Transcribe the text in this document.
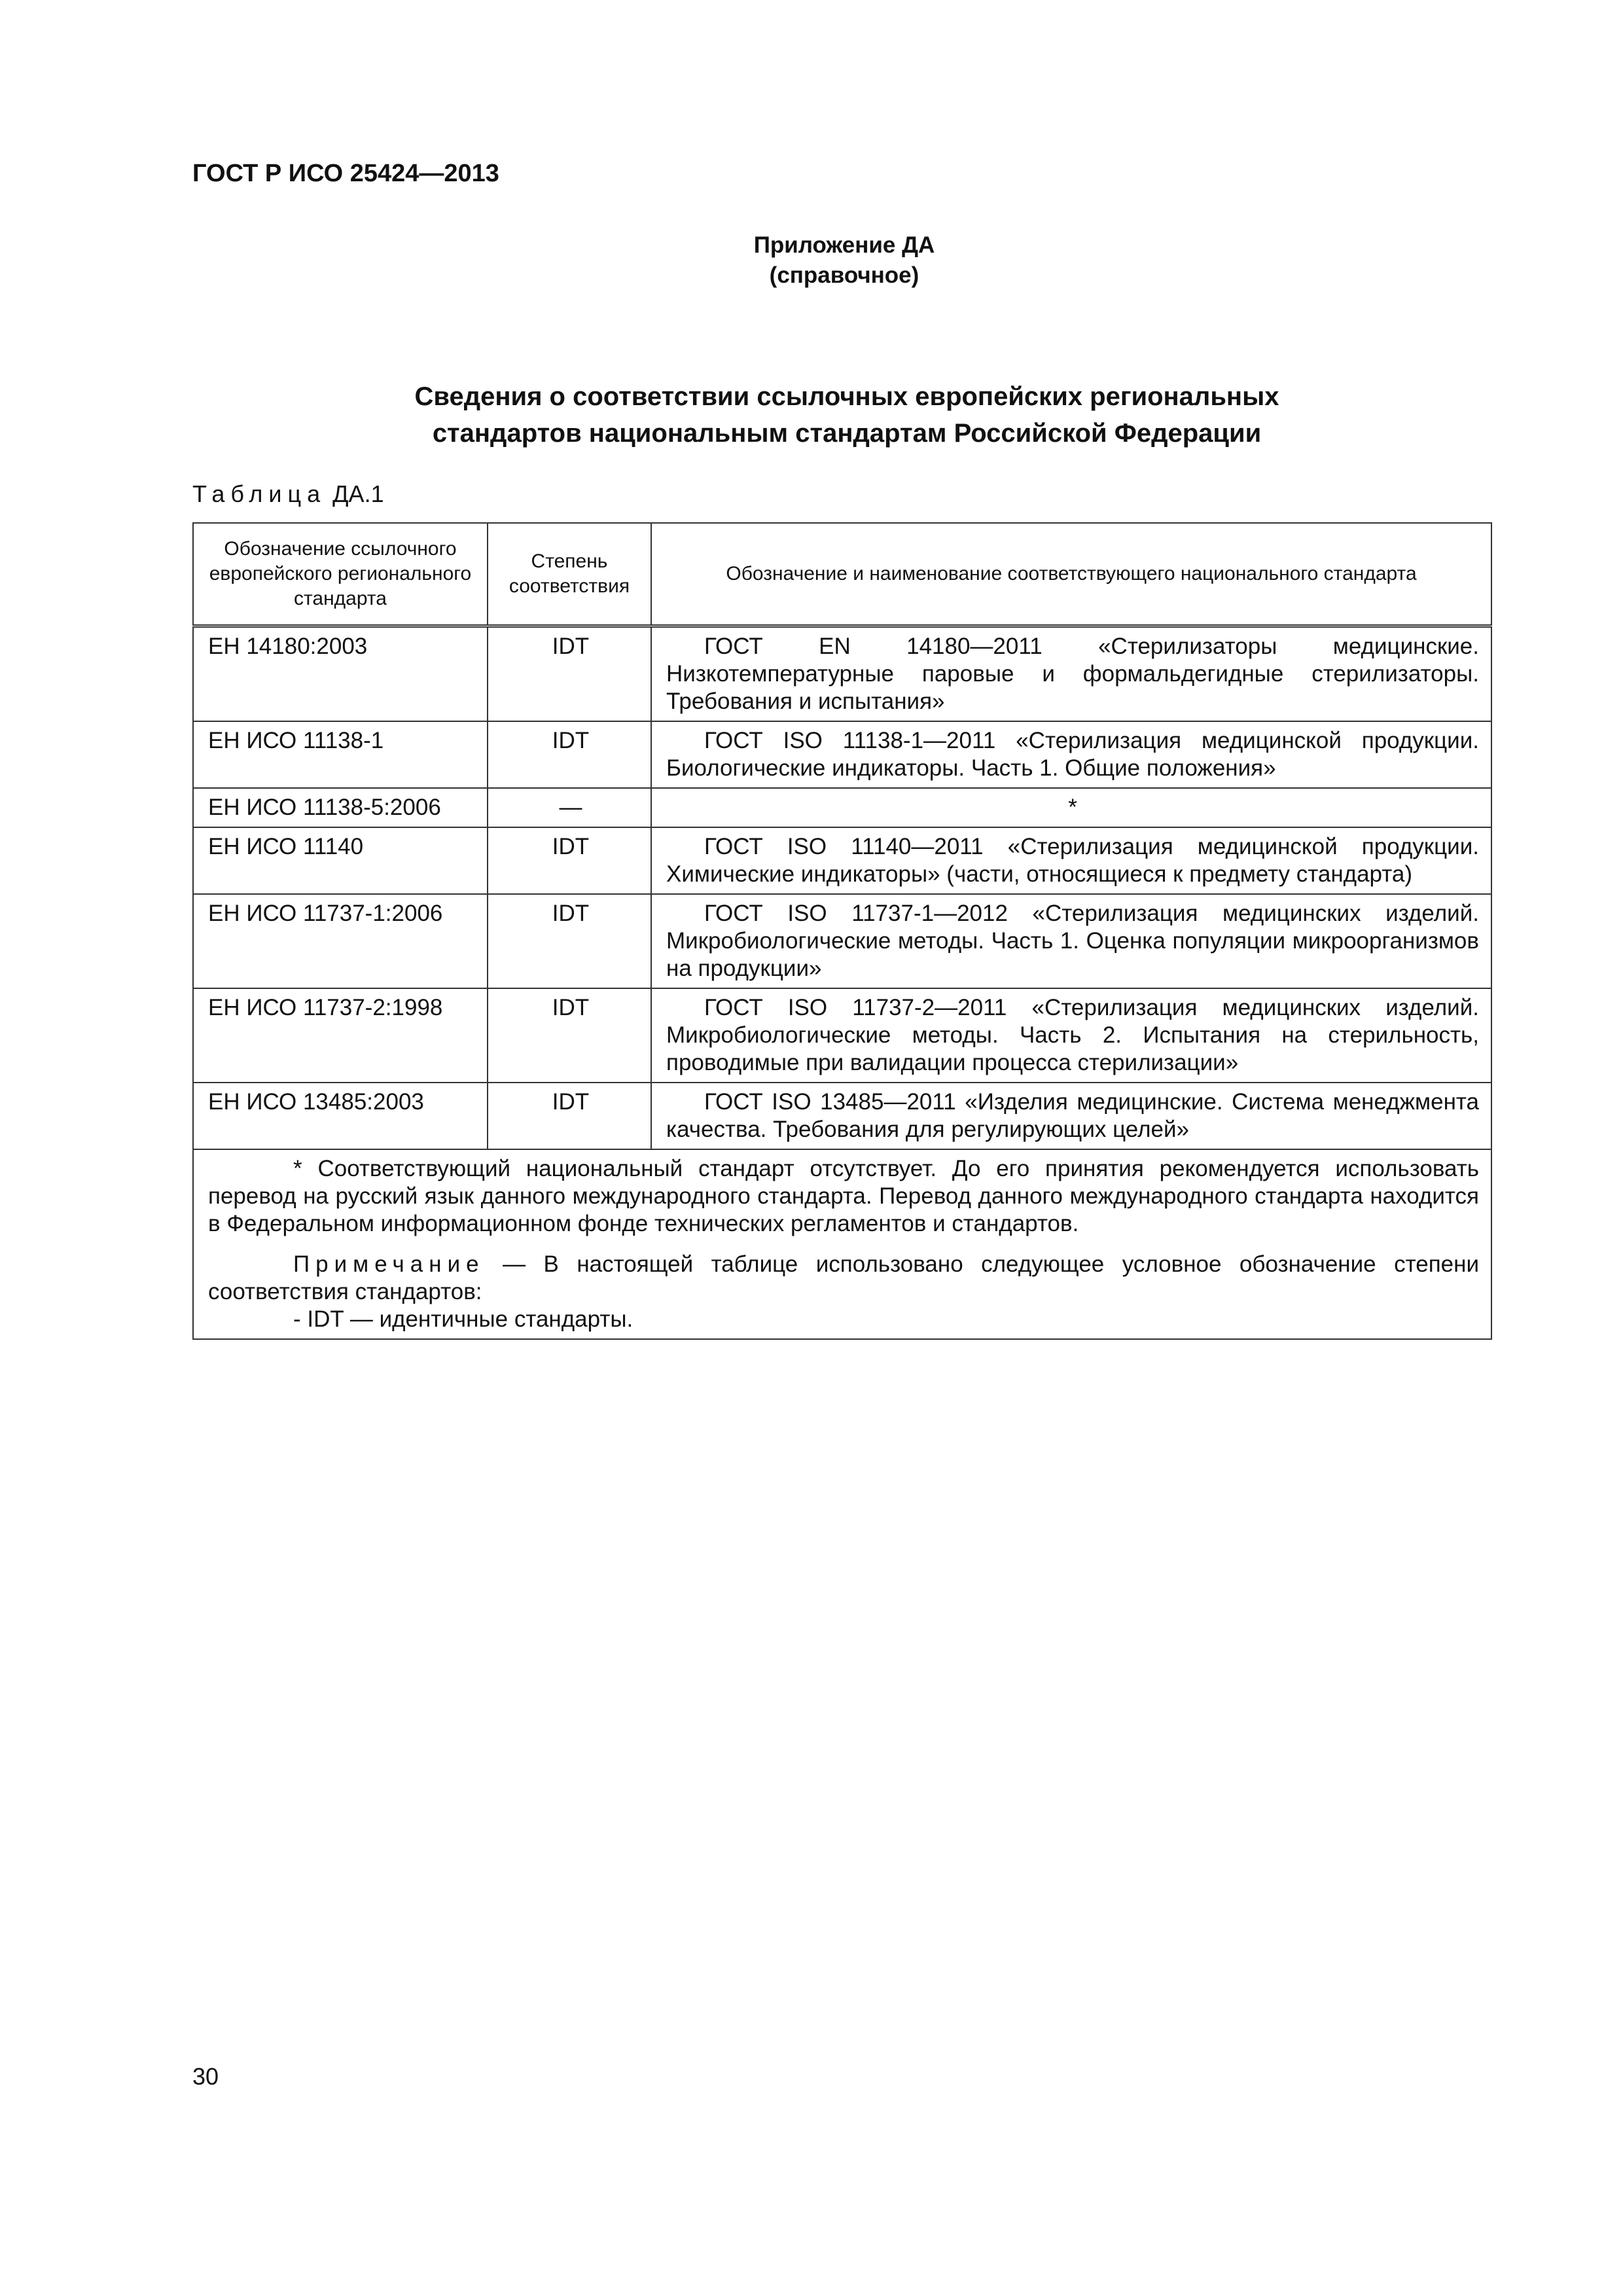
ГОСТ Р ИСО 25424—2013
Приложение ДА
(справочное)
Сведения о соответствии ссылочных европейских региональных
стандартов национальным стандартам Российской Федерации
Таблица ДА.1
Обозначение ссылочного европейского регионального стандарта	Степень соответствия	Обозначение и наименование соответствующего национального стандарта
ЕН 14180:2003	IDT	ГОСТ EN 14180—2011 «Стерилизаторы медицинские. Низкотемпературные паровые и формальдегидные стерилизаторы. Требования и испытания»
ЕН ИСО 11138-1	IDT	ГОСТ ISO 11138-1—2011 «Стерилизация медицинской продукции. Биологические индикаторы. Часть 1. Общие положения»
ЕН ИСО 11138-5:2006	—	*
ЕН ИСО 11140	IDT	ГОСТ ISO 11140—2011 «Стерилизация медицинской продукции. Химические индикаторы» (части, относящиеся к предмету стандарта)
ЕН ИСО 11737-1:2006	IDT	ГОСТ ISO 11737-1—2012 «Стерилизация медицинских изделий. Микробиологические методы. Часть 1. Оценка популяции микроорганизмов на продукции»
ЕН ИСО 11737-2:1998	IDT	ГОСТ ISO 11737-2—2011 «Стерилизация медицинских изделий. Микробиологические методы. Часть 2. Испытания на стерильность, проводимые при валидации процесса стерилизации»
ЕН ИСО 13485:2003	IDT	ГОСТ ISO 13485—2011 «Изделия медицинские. Система менеджмента качества. Требования для регулирующих целей»

* Соответствующий национальный стандарт отсутствует. До его принятия рекомендуется использовать перевод на русский язык данного международного стандарта. Перевод данного международного стандарта находится в Федеральном информационном фонде технических регламентов и стандартов.

Примечание — В настоящей таблице использовано следующее условное обозначение степени соответствия стандартов:

- IDT — идентичные стандарты.		

30
